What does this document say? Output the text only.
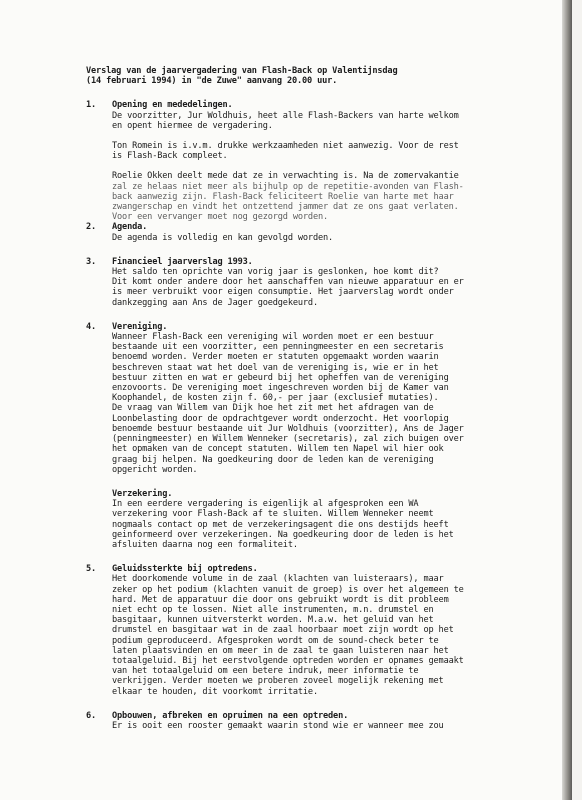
Verslag van de jaarvergadering van Flash-Back op Valentijnsdag
(14 februari 1994) in "de Zuwe" aanvang 20.00 uur.
1. Opening en mededelingen.
De voorzitter, Jur Woldhuis, heet alle Flash-Backers van harte welkom
en opent hiermee de vergadering.
Ton Romein is i.v.m. drukke werkzaamheden niet aanwezig. Voor de rest
is Flash-Back compleet.
Roelie Okken deelt mede dat ze in verwachting is. Na de zomervakantie
zal ze helaas niet meer als bijhulp op de repetitie-avonden van Flash-
back aanwezig zijn. Flash-Back feliciteert Roelie van harte met haar
zwangerschap en vindt het ontzettend jammer dat ze ons gaat verlaten.
Voor een vervanger moet nog gezorgd worden.
2. Agenda.
De agenda is volledig en kan gevolgd worden.
3. Financieel jaarverslag 1993.
Het saldo ten oprichte van vorig jaar is geslonken, hoe komt dit?
Dit komt onder andere door het aanschaffen van nieuwe apparatuur en er
is meer verbruikt voor eigen consumptie. Het jaarverslag wordt onder
dankzegging aan Ans de Jager goedgekeurd.
4. Vereniging.
Wanneer Flash-Back een vereniging wil worden moet er een bestuur
bestaande uit een voorzitter, een penningmeester en een secretaris
benoemd worden. Verder moeten er statuten opgemaakt worden waarin
beschreven staat wat het doel van de vereniging is, wie er in het
bestuur zitten en wat er gebeurd bij het opheffen van de vereniging
enzovoorts. De vereniging moet ingeschreven worden bij de Kamer van
Koophandel, de kosten zijn f. 60,- per jaar (exclusief mutaties).
De vraag van Willem van Dijk hoe het zit met het afdragen van de
Loonbelasting door de opdrachtgever wordt onderzocht. Het voorlopig
benoemde bestuur bestaande uit Jur Woldhuis (voorzitter), Ans de Jager
(penningmeester) en Willem Wenneker (secretaris), zal zich buigen over
het opmaken van de concept statuten. Willem ten Napel wil hier ook
graag bij helpen. Na goedkeuring door de leden kan de vereniging
opgericht worden.
Verzekering.
In een eerdere vergadering is eigenlijk al afgesproken een WA
verzekering voor Flash-Back af te sluiten. Willem Wenneker neemt
nogmaals contact op met de verzekeringsagent die ons destijds heeft
geinformeerd over verzekeringen. Na goedkeuring door de leden is het
afsluiten daarna nog een formaliteit.
5. Geluidssterkte bij optredens.
Het doorkomende volume in de zaal (klachten van luisteraars), maar
zeker op het podium (klachten vanuit de groep) is over het algemeen te
hard. Met de apparatuur die door ons gebruikt wordt is dit probleem
niet echt op te lossen. Niet alle instrumenten, m.n. drumstel en
basgitaar, kunnen uitversterkt worden. M.a.w. het geluid van het
drumstel en basgitaar wat in de zaal hoorbaar moet zijn wordt op het
podium geproduceerd. Afgesproken wordt om de sound-check beter te
laten plaatsvinden en om meer in de zaal te gaan luisteren naar het
totaalgeluid. Bij het eerstvolgende optreden worden er opnames gemaakt
van het totaalgeluid om een betere indruk, meer informatie te
verkrijgen. Verder moeten we proberen zoveel mogelijk rekening met
elkaar te houden, dit voorkomt irritatie.
6. Opbouwen, afbreken en opruimen na een optreden.
Er is ooit een rooster gemaakt waarin stond wie er wanneer mee zou
